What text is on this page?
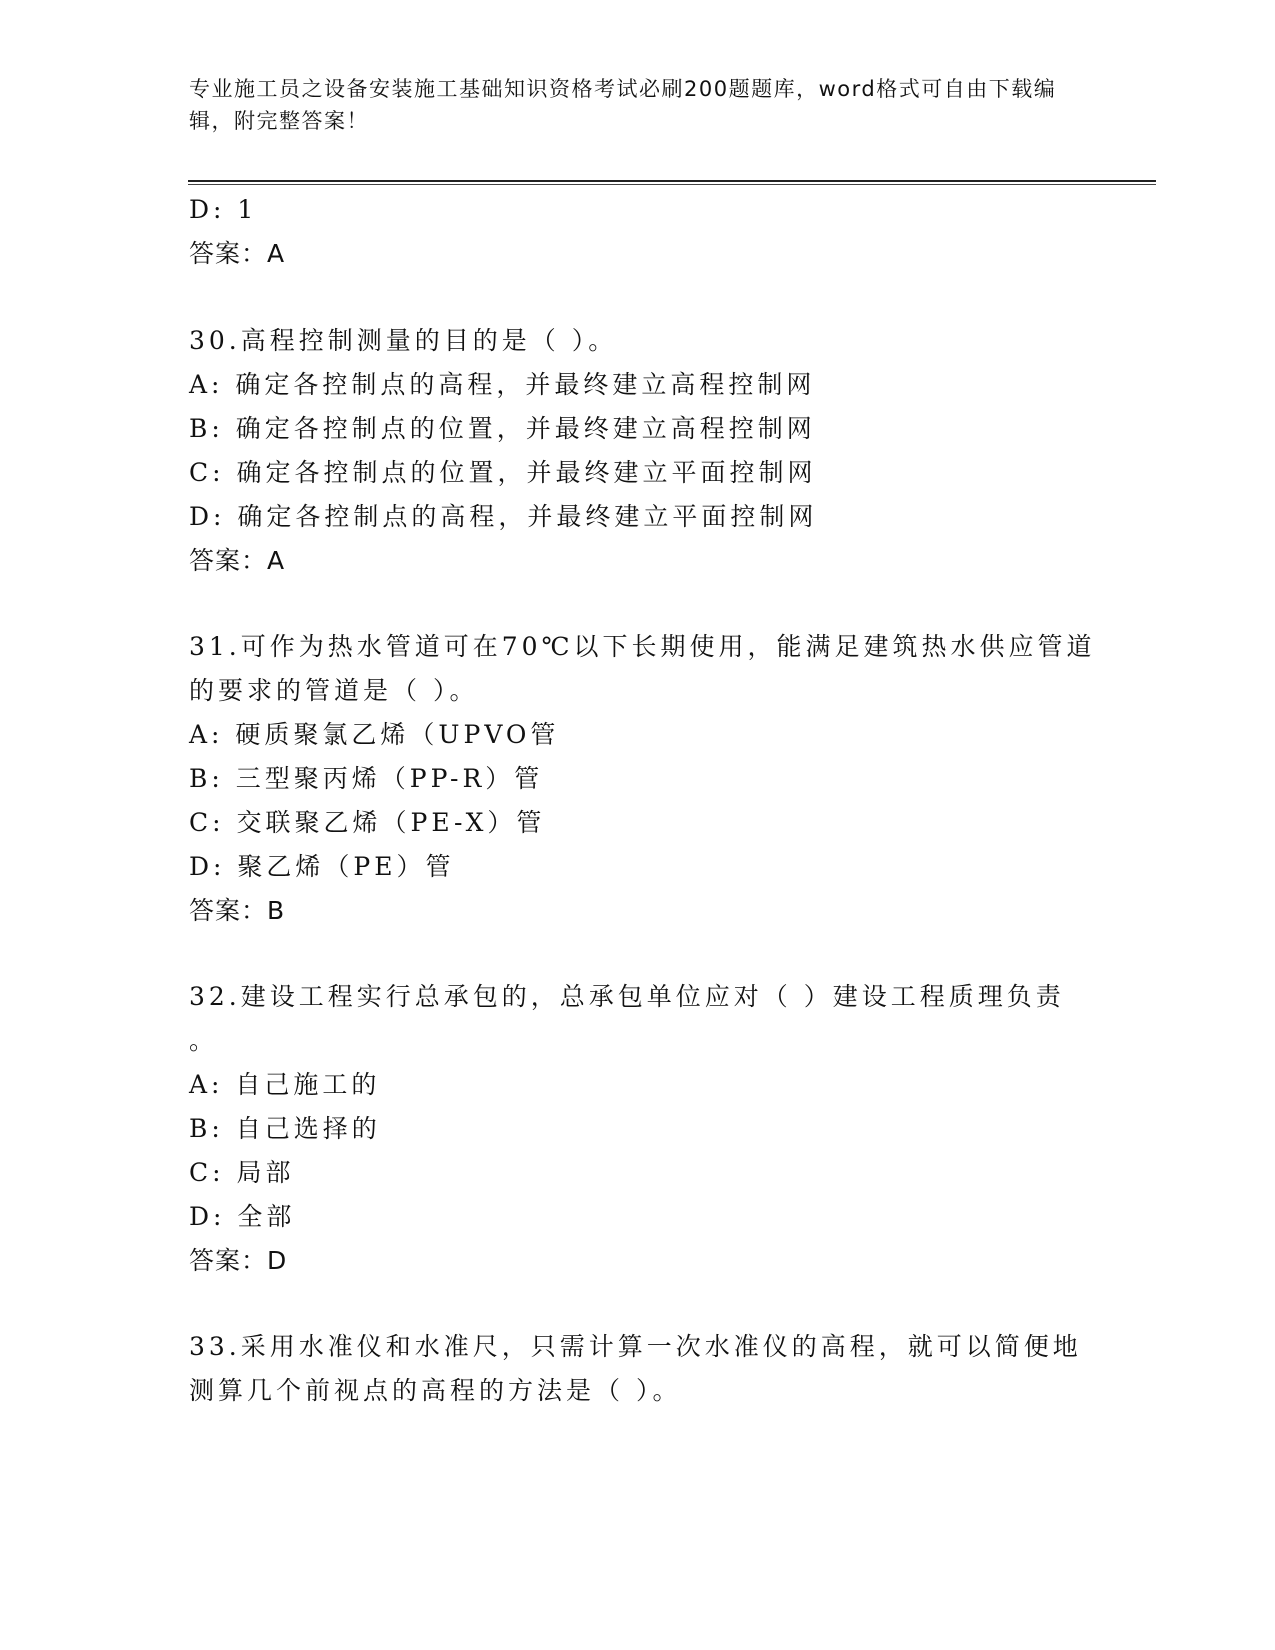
专业施工员之设备安装施工基础知识资格考试必刷200题题库，word格式可自由下载编辑，附完整答案！
D: 1
答案：A
30.高程控制测量的目的是（ ）。
A: 确定各控制点的高程，并最终建立高程控制网
B: 确定各控制点的位置，并最终建立高程控制网
C: 确定各控制点的位置，并最终建立平面控制网
D: 确定各控制点的高程，并最终建立平面控制网
答案：A
31.可作为热水管道可在70℃以下长期使用，能满足建筑热水供应管道
的要求的管道是（ ）。
A: 硬质聚氯乙烯（UPVO管
B: 三型聚丙烯（PP-R）管
C: 交联聚乙烯（PE-X）管
D: 聚乙烯（PE）管
答案：B
32.建设工程实行总承包的，总承包单位应对（ ）建设工程质理负责
。
A: 自己施工的
B: 自己选择的
C: 局部
D: 全部
答案：D
33.采用水准仪和水准尺，只需计算一次水准仪的高程，就可以简便地
测算几个前视点的高程的方法是（ ）。
